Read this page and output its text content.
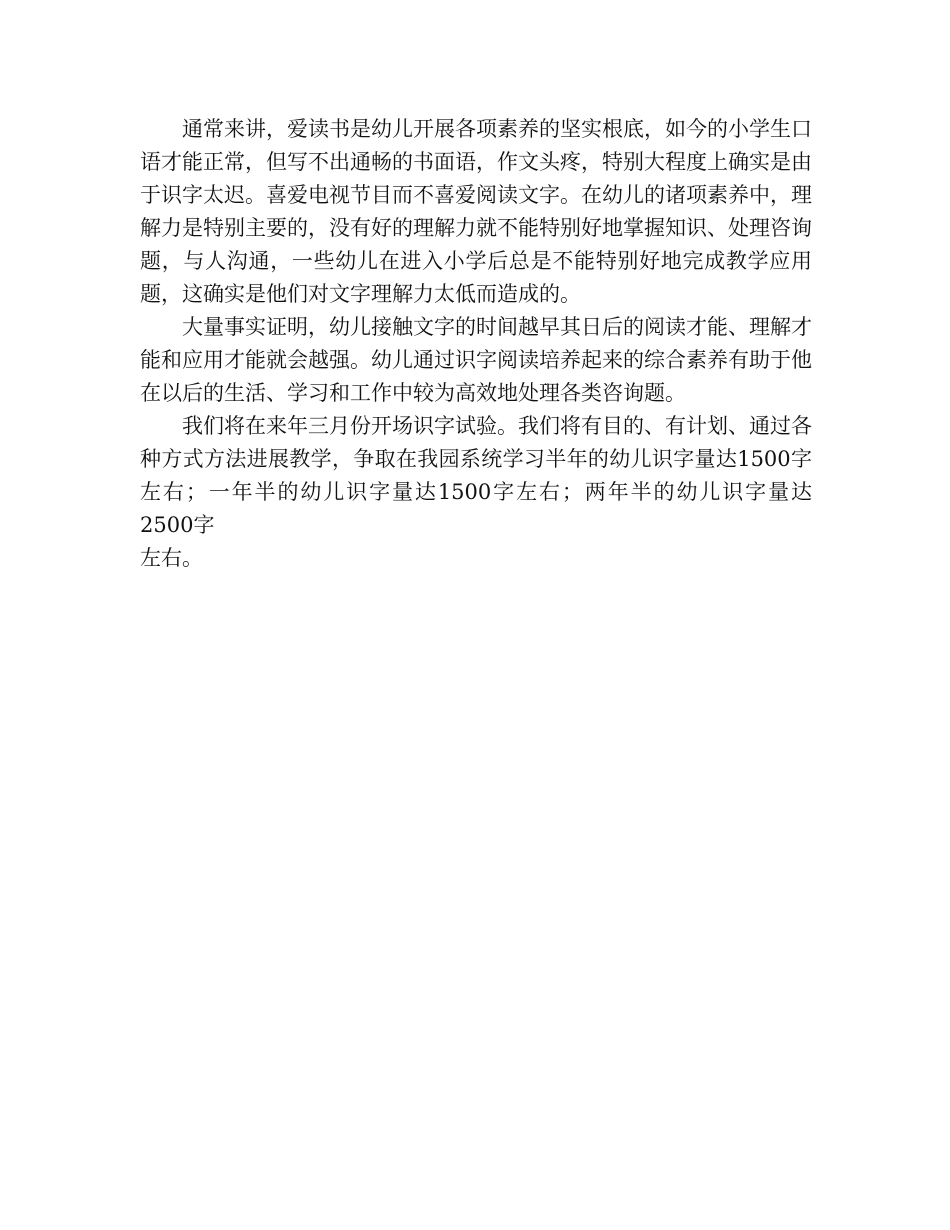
通常来讲，爱读书是幼儿开展各项素养的坚实根底，如今的小学生口语才能正常，但写不出通畅的书面语，作文头疼，特别大程度上确实是由于识字太迟。喜爱电视节目而不喜爱阅读文字。在幼儿的诸项素养中，理解力是特别主要的，没有好的理解力就不能特别好地掌握知识、处理咨询题，与人沟通，一些幼儿在进入小学后总是不能特别好地完成教学应用题，这确实是他们对文字理解力太低而造成的。

大量事实证明，幼儿接触文字的时间越早其日后的阅读才能、理解才能和应用才能就会越强。幼儿通过识字阅读培养起来的综合素养有助于他在以后的生活、学习和工作中较为高效地处理各类咨询题。

我们将在来年三月份开场识字试验。我们将有目的、有计划、通过各种方式方法进展教学，争取在我园系统学习半年的幼儿识字量达1500字左右；一年半的幼儿识字量达1500字左右；两年半的幼儿识字量达2500字

左右。
